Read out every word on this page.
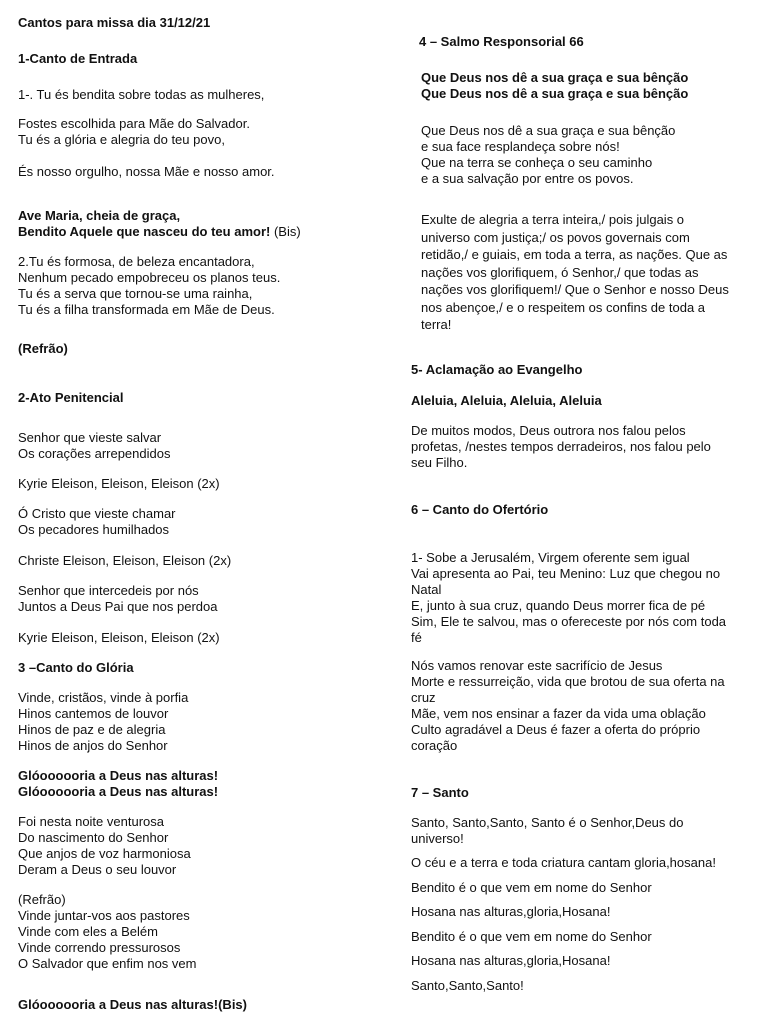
Cantos para missa dia 31/12/21
1-Canto de Entrada
1-. Tu és bendita sobre todas as mulheres,
Fostes escolhida para Mãe do Salvador.
Tu és a glória e alegria do teu povo,
És nosso orgulho, nossa Mãe e nosso amor.
Ave Maria, cheia de graça,
Bendito Aquele que nasceu do teu amor! (Bis)
2.Tu és formosa, de beleza encantadora,
Nenhum pecado empobreceu os planos teus.
Tu és a serva que tornou-se uma rainha,
Tu és a filha transformada em Mãe de Deus.
(Refrão)
2-Ato Penitencial
Senhor que vieste salvar
Os corações arrependidos
Kyrie Eleison, Eleison, Eleison (2x)
Ó Cristo que vieste chamar
Os pecadores humilhados
Christe Eleison, Eleison, Eleison (2x)
Senhor que intercedeis por nós
Juntos a Deus Pai que nos perdoa
Kyrie Eleison, Eleison, Eleison (2x)
3 –Canto do Glória
Vinde, cristãos, vinde à porfia
Hinos cantemos de louvor
Hinos de paz e de alegria
Hinos de anjos do Senhor
Glóoooooria a Deus nas alturas!
Glóoooooria a Deus nas alturas!
Foi nesta noite venturosa
Do nascimento do Senhor
Que anjos de voz harmoniosa
Deram a Deus o seu louvor
(Refrão)
Vinde juntar-vos aos pastores
Vinde com eles a Belém
Vinde correndo pressurosos
O Salvador que enfim nos vem
Glóoooooria a Deus nas alturas!(Bis)
4 – Salmo Responsorial 66
Que Deus nos dê a sua graça e sua bênção
Que Deus nos dê a sua graça e sua bênção
Que Deus nos dê a sua graça e sua bênção
e sua face resplandeça sobre nós!
Que na terra se conheça o seu caminho
e a sua salvação por entre os povos.
Exulte de alegria a terra inteira,/ pois julgais o
universo com justiça;/ os povos governais com
retidão,/ e guiais, em toda a terra, as nações. Que as
nações vos glorifiquem, ó Senhor,/ que todas as
nações vos glorifiquem!/ Que o Senhor e nosso Deus
nos abençoe,/ e o respeitem os confins de toda a
terra!
5- Aclamação ao Evangelho
Aleluia, Aleluia, Aleluia, Aleluia
De muitos modos, Deus outrora nos falou pelos
profetas, /nestes tempos derradeiros, nos falou pelo
seu Filho.
6 – Canto do Ofertório
1- Sobe a Jerusalém, Virgem oferente sem igual
Vai apresenta ao Pai, teu Menino: Luz que chegou no
Natal
E, junto à sua cruz, quando Deus morrer fica de pé
Sim, Ele te salvou, mas o ofereceste por nós com toda
fé
Nós vamos renovar este sacrifício de Jesus
Morte e ressurreição, vida que brotou de sua oferta na
cruz
Mãe, vem nos ensinar a fazer da vida uma oblação
Culto agradável a Deus é fazer a oferta do próprio
coração
7 – Santo
Santo, Santo,Santo, Santo é o Senhor,Deus do
universo!
O céu e a terra e toda criatura cantam gloria,hosana!
Bendito é o que vem em nome do Senhor
Hosana nas alturas,gloria,Hosana!
Bendito é o que vem em nome do Senhor
Hosana nas alturas,gloria,Hosana!
Santo,Santo,Santo!
